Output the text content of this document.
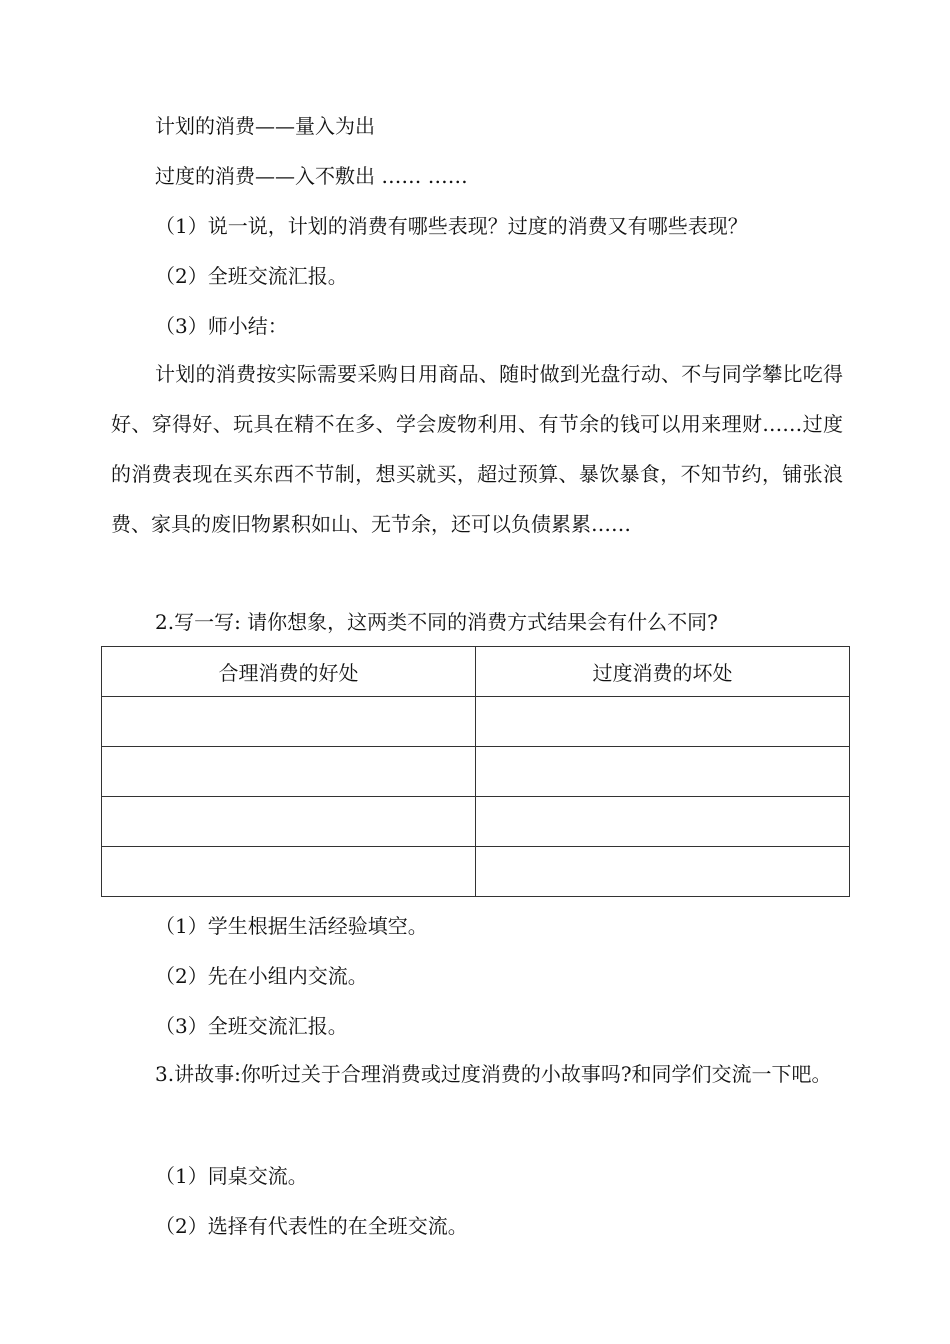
计划的消费——量入为出
过度的消费——入不敷出 …… ……
（1）说一说，计划的消费有哪些表现？过度的消费又有哪些表现？
（2）全班交流汇报。
（3）师小结：
计划的消费按实际需要采购日用商品、随时做到光盘行动、不与同学攀比吃得好、穿得好、玩具在精不在多、学会废物利用、有节余的钱可以用来理财……过度的消费表现在买东西不节制，想买就买，超过预算、暴饮暴食，不知节约，铺张浪费、家具的废旧物累积如山、无节余，还可以负债累累……
2.写一写: 请你想象，这两类不同的消费方式结果会有什么不同?
合理消费的好处	过度消费的坏处

（1）学生根据生活经验填空。
（2）先在小组内交流。
（3）全班交流汇报。
3.讲故事:你听过关于合理消费或过度消费的小故事吗?和同学们交流一下吧。
（1）同桌交流。
（2）选择有代表性的在全班交流。
